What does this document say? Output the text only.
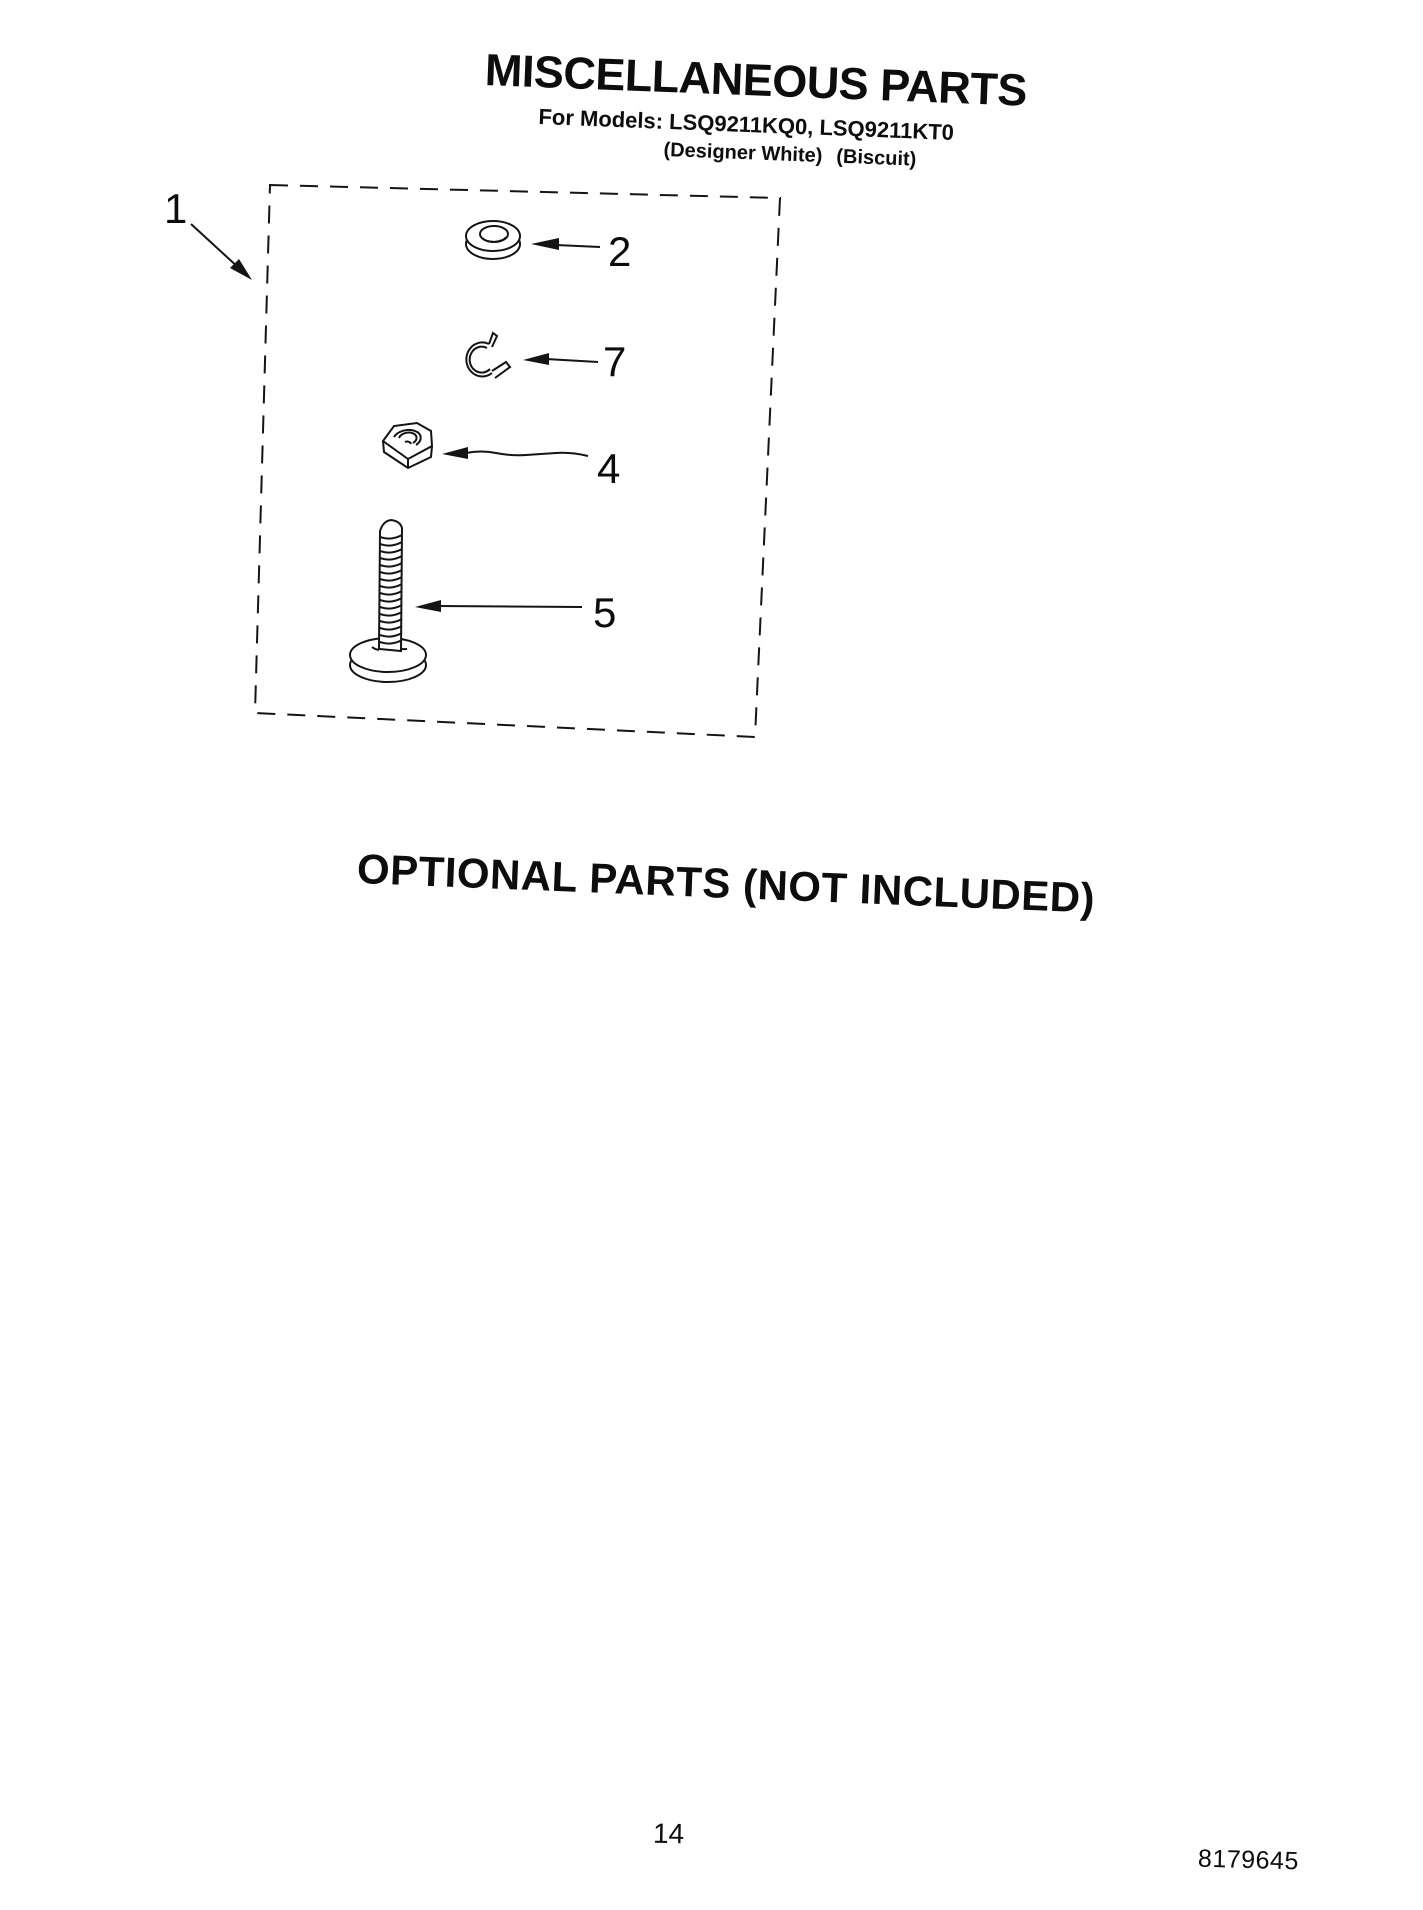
MISCELLANEOUS PARTS
For Models: LSQ9211KQ0, LSQ9211KT0
(Designer White) (Biscuit)
1
2
7
4
5
OPTIONAL PARTS (NOT INCLUDED)
14
8179645
